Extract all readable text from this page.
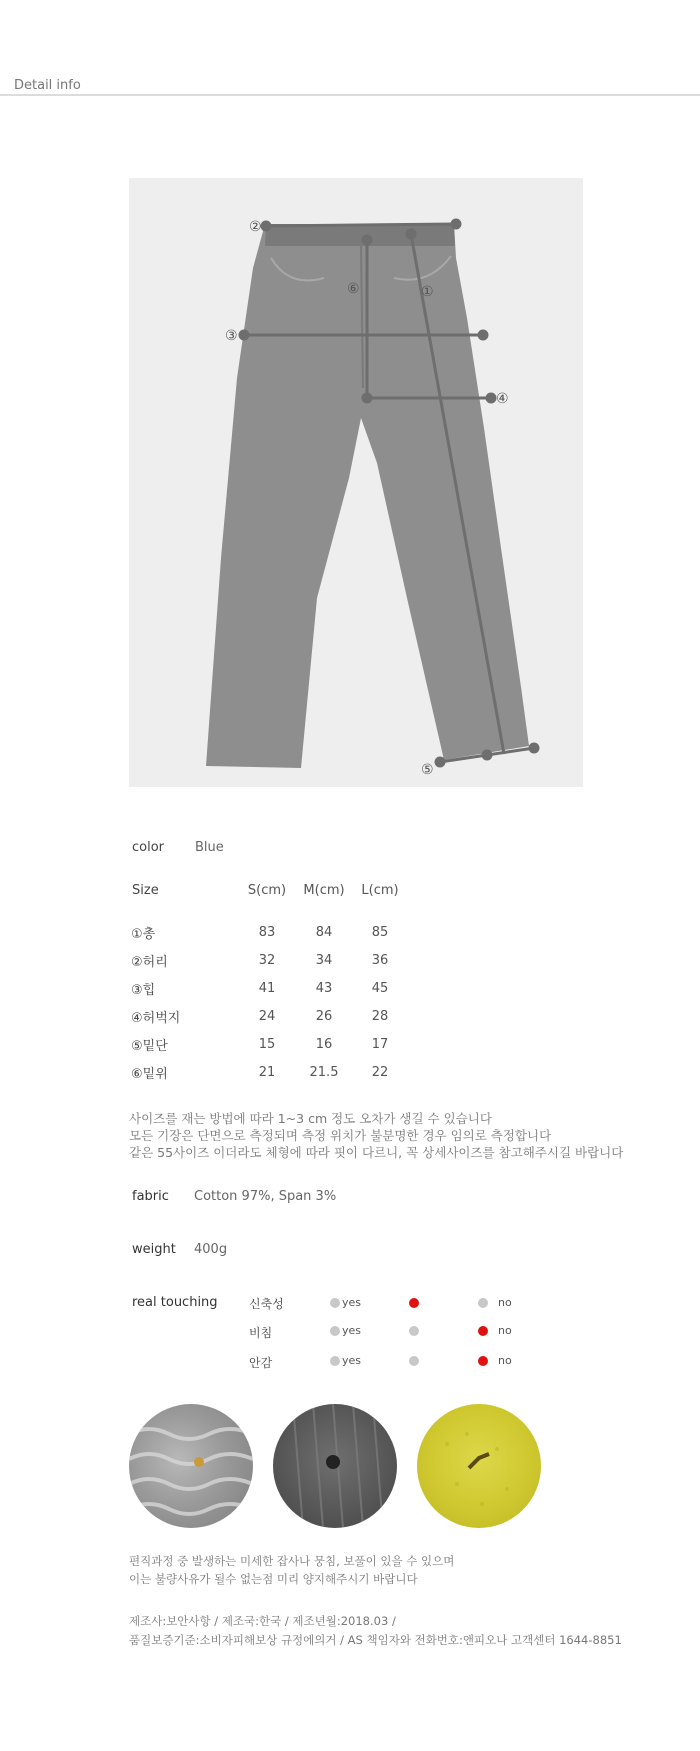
Detail info
①
②
③
④
⑤
⑥
color Blue
Size	S(cm)	M(cm)	L(cm)
①총	83	84	85
②허리	32	34	36
③힙	41	43	45
④허벅지	24	26	28
⑤밑단	15	16	17
⑥밑위	21	21.5	22
사이즈를 재는 방법에 따라 1~3 cm 정도 오차가 생길 수 있습니다
모든 기장은 단면으로 측정되며 측정 위치가 불분명한 경우 임의로 측정합니다
같은 55사이즈 이더라도 체형에 따라 핏이 다르니, 꼭 상세사이즈를 참고해주시길 바랍니다
fabric Cotton 97%, Span 3%
weight 400g
real touching	신축성	yes	no
비침	yes	no
안감	yes	no
편직과정 중 발생하는 미세한 잡사나 뭉침, 보풀이 있을 수 있으며
이는 불량사유가 될수 없는점 미리 양지해주시기 바랍니다
제조사:보안사항 / 제조국:한국 / 제조년월:2018.03 /
품질보증기준:소비자피해보상 규정에의거 / AS 책임자와 전화번호:앤피오나 고객센터 1644-8851
